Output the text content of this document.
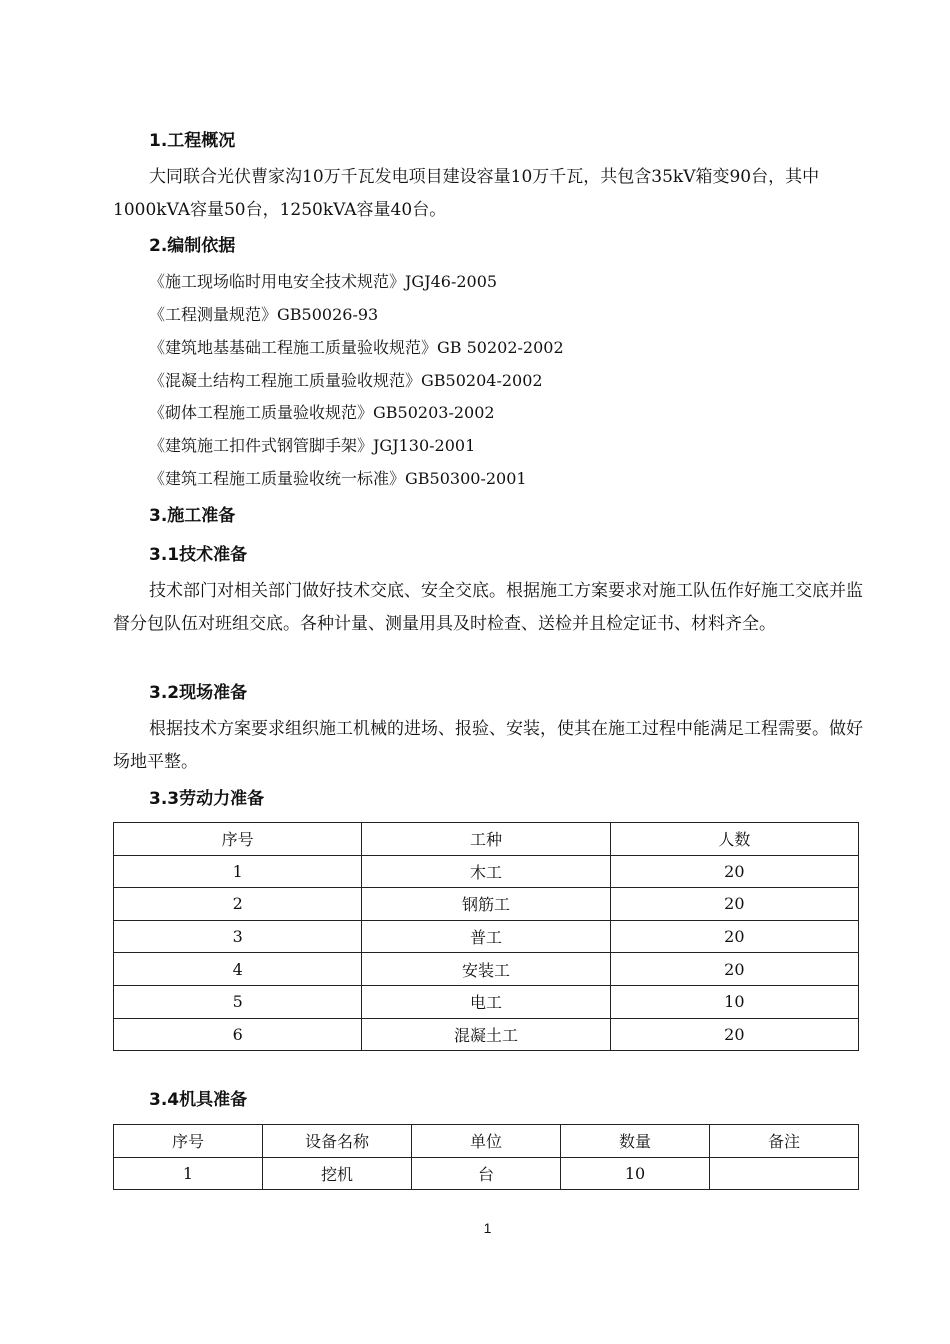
1.工程概况
大同联合光伏曹家沟10万千瓦发电项目建设容量10万千瓦，共包含35kV箱变90台，其中1000kVA容量50台，1250kVA容量40台。
2.编制依据
《施工现场临时用电安全技术规范》JGJ46-2005
《工程测量规范》GB50026-93
《建筑地基基础工程施工质量验收规范》GB 50202-2002
《混凝土结构工程施工质量验收规范》GB50204-2002
《砌体工程施工质量验收规范》GB50203-2002
《建筑施工扣件式钢管脚手架》JGJ130-2001
《建筑工程施工质量验收统一标准》GB50300-2001
3.施工准备
3.1技术准备
技术部门对相关部门做好技术交底、安全交底。根据施工方案要求对施工队伍作好施工交底并监督分包队伍对班组交底。各种计量、测量用具及时检查、送检并且检定证书、材料齐全。
3.2现场准备
根据技术方案要求组织施工机械的进场、报验、安装，使其在施工过程中能满足工程需要。做好场地平整。
3.3劳动力准备
序号	工种	人数
1	木工	20
2	钢筋工	20
3	普工	20
4	安装工	20
5	电工	10
6	混凝土工	20
3.4机具准备
序号	设备名称	单位	数量	备注
1	挖机	台	10	
1
